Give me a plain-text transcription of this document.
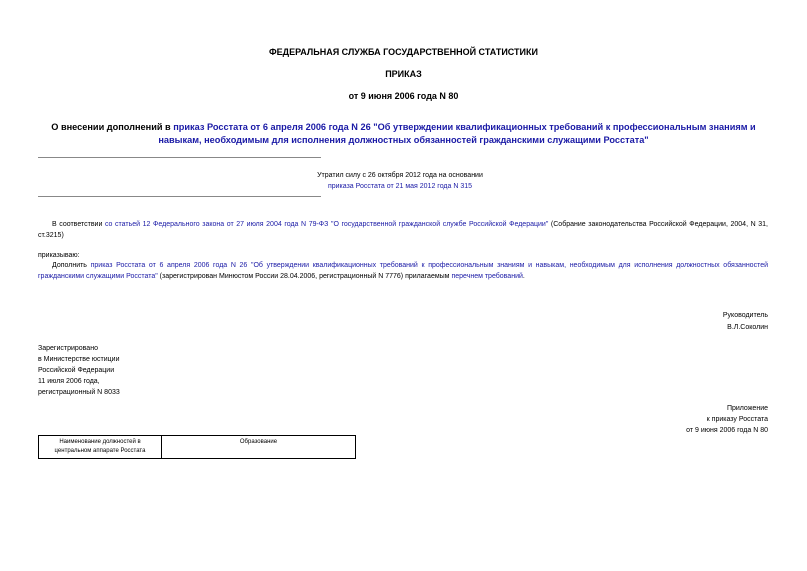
ФЕДЕРАЛЬНАЯ СЛУЖБА ГОСУДАРСТВЕННОЙ СТАТИСТИКИ
ПРИКАЗ
от 9 июня 2006 года N 80
О внесении дополнений в приказ Росстата от 6 апреля 2006 года N 26 "Об утверждении квалификационных требований к профессиональным знаниям и навыкам, необходимым для исполнения должностных обязанностей гражданскими служащими Росстата"
Утратил силу с 26 октября 2012 года на основании
приказа Росстата от 21 мая 2012 года N 315
В соответствии со статьей 12 Федерального закона от 27 июля 2004 года N 79-ФЗ "О государственной гражданской службе Российской Федерации" (Собрание законодательства Российской Федерации, 2004, N 31, ст.3215)
приказываю:
Дополнить приказ Росстата от 6 апреля 2006 года N 26 "Об утверждении квалификационных требований к профессиональным знаниям и навыкам, необходимым для исполнения должностных обязанностей гражданскими служащими Росстата" (зарегистрирован Минюстом России 28.04.2006, регистрационный N 7776) прилагаемым перечнем требований.
Руководитель
В.Л.Соколин
Зарегистрировано
в Министерстве юстиции
Российской Федерации
11 июля 2006 года,
регистрационный N 8033
Приложение
к приказу Росстата
от 9 июня 2006 года N 80
Наименование должностей в центральном аппарате Росстата	Образование
